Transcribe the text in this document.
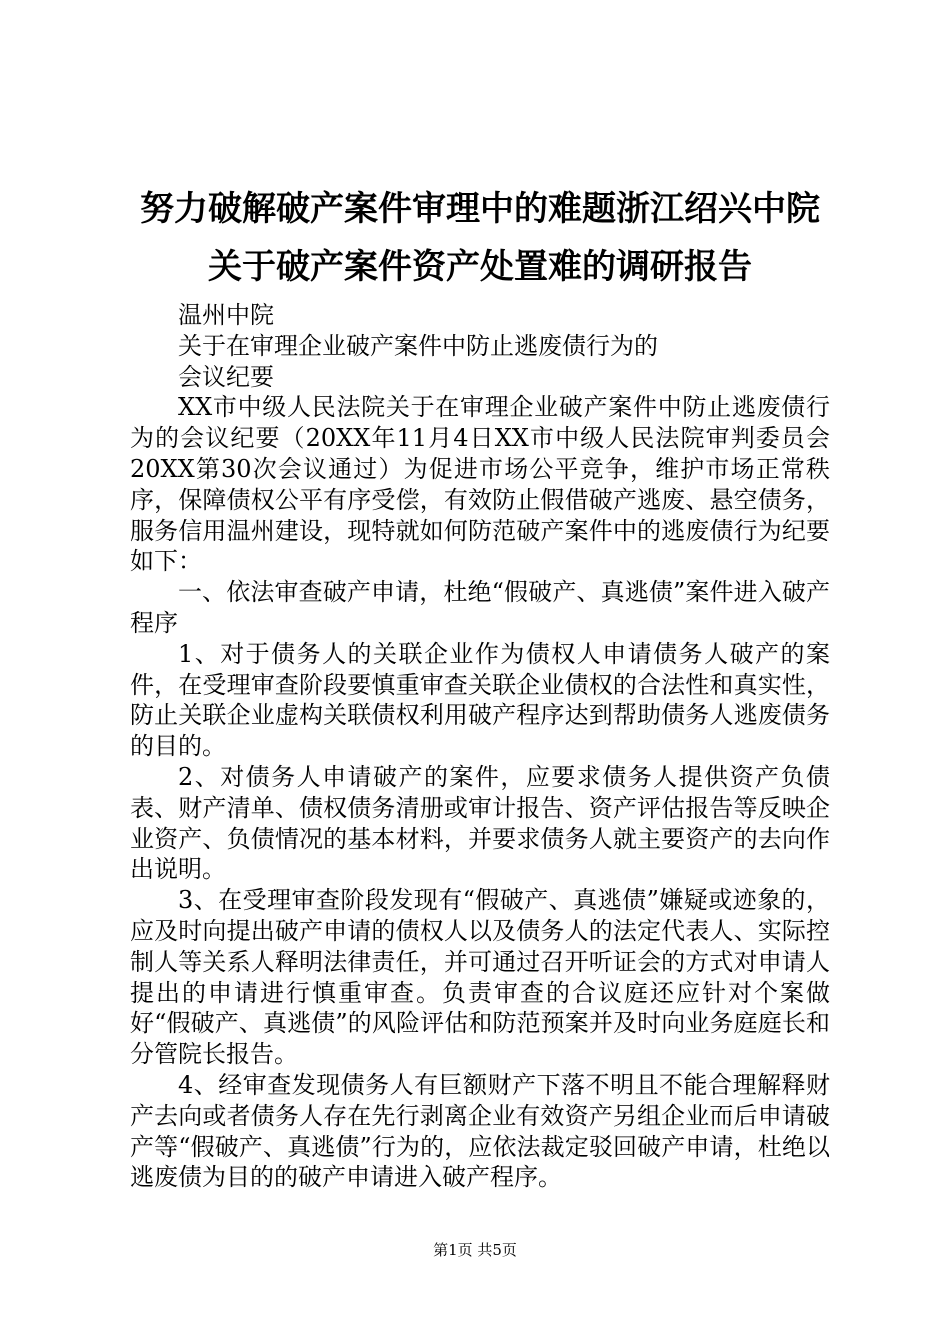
努力破解破产案件审理中的难题浙江绍兴中院
关于破产案件资产处置难的调研报告

温州中院

关于在审理企业破产案件中防止逃废债行为的

会议纪要

XX市中级人民法院关于在审理企业破产案件中防止逃废债行为的会议纪要（20XX年11月4日XX市中级人民法院审判委员会20XX第30次会议通过）为促进市场公平竞争，维护市场正常秩序，保障债权公平有序受偿，有效防止假借破产逃废、悬空债务，服务信用温州建设，现特就如何防范破产案件中的逃废债行为纪要如下：

一、依法审查破产申请，杜绝“假破产、真逃债”案件进入破产程序

1、对于债务人的关联企业作为债权人申请债务人破产的案件，在受理审查阶段要慎重审查关联企业债权的合法性和真实性，防止关联企业虚构关联债权利用破产程序达到帮助债务人逃废债务的目的。

2、对债务人申请破产的案件，应要求债务人提供资产负债表、财产清单、债权债务清册或审计报告、资产评估报告等反映企业资产、负债情况的基本材料，并要求债务人就主要资产的去向作出说明。

3、在受理审查阶段发现有“假破产、真逃债”嫌疑或迹象的，应及时向提出破产申请的债权人以及债务人的法定代表人、实际控制人等关系人释明法律责任，并可通过召开听证会的方式对申请人提出的申请进行慎重审查。负责审查的合议庭还应针对个案做好“假破产、真逃债”的风险评估和防范预案并及时向业务庭庭长和分管院长报告。

4、经审查发现债务人有巨额财产下落不明且不能合理解释财产去向或者债务人存在先行剥离企业有效资产另组企业而后申请破产等“假破产、真逃债”行为的，应依法裁定驳回破产申请，杜绝以逃废债为目的的破产申请进入破产程序。

第1页 共5页
